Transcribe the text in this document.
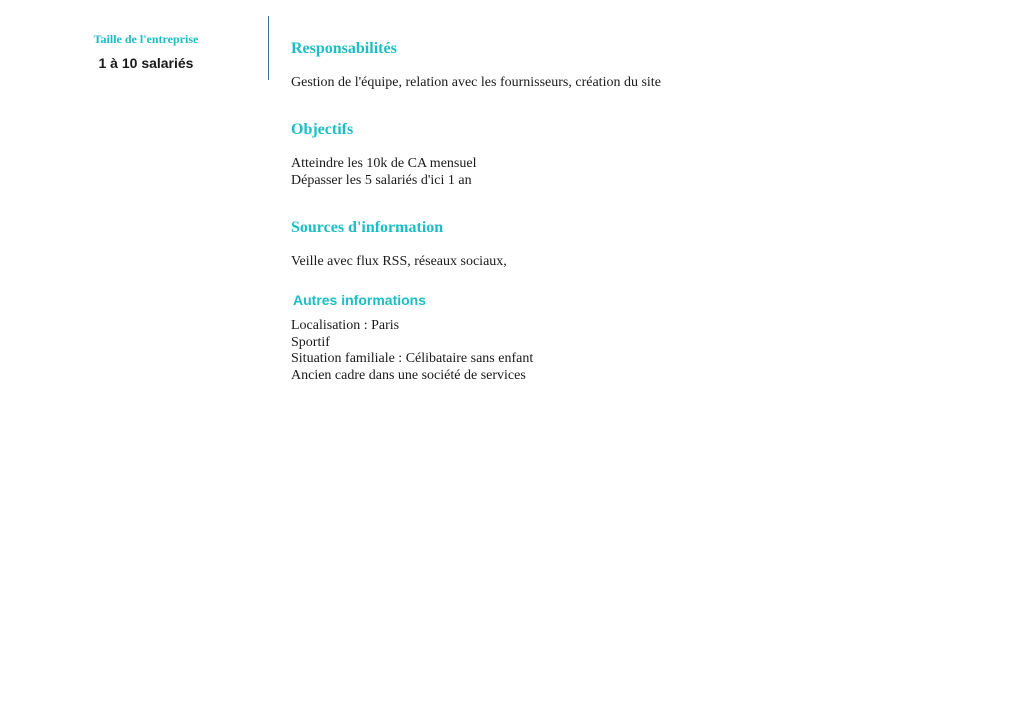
Taille de l'entreprise
1 à 10 salariés
Responsabilités
Gestion de l'équipe, relation avec les fournisseurs, création du site
Objectifs
Atteindre les 10k de CA mensuel
Dépasser les 5 salariés d'ici 1 an
Sources d'information
Veille avec flux RSS, réseaux sociaux,
Autres informations
Localisation : Paris
Sportif
Situation familiale : Célibataire sans enfant
Ancien cadre dans une société de services
